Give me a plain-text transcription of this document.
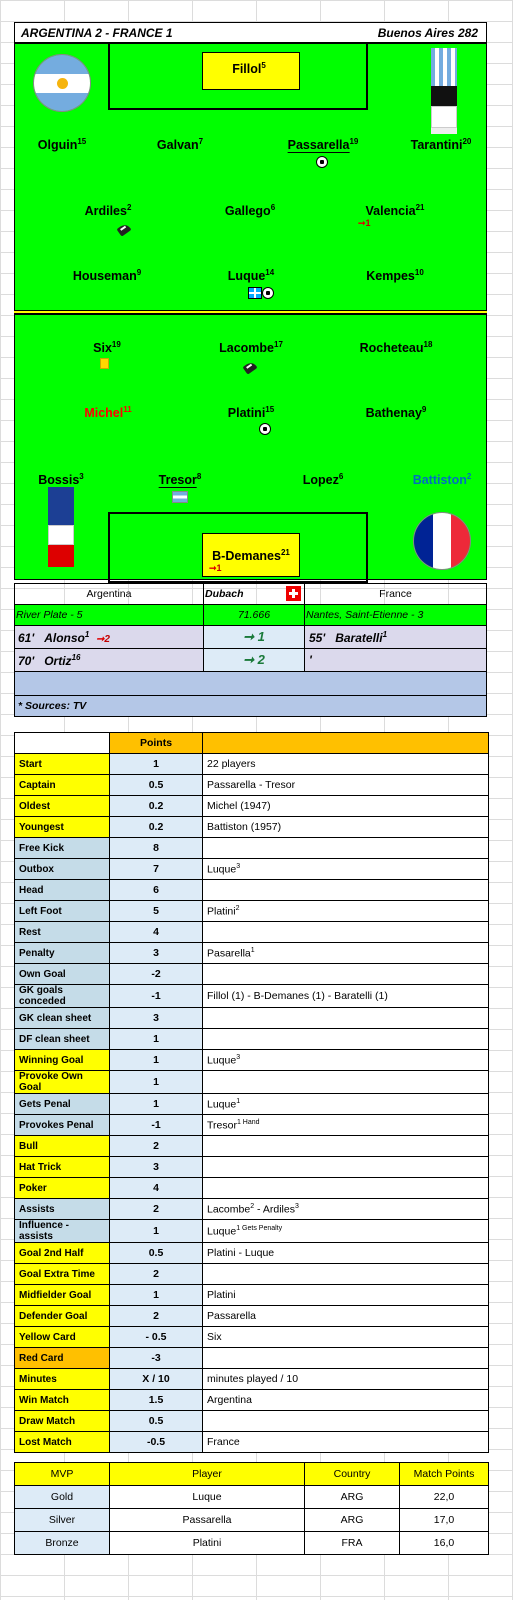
ARGENTINA 2 - FRANCE 1	Buenos Aires 282
Fillol$^5$
Olguin$^{15}$	Galvan$^7$	Passarella$^{19}$
	Tarantini$^{20}$
Ardiles$^2$
	Gallego$^6$	Valencia$^{21}$
➞1
Houseman$^9$	Luque$^{14}$	Kempes$^{10}$
Six$^{19}$	Lacombe$^{17}$
	Rocheteau$^{18}$
Michel$^{11}$	Platini$^{15}$	Bathenay$^9$
Bossis$^3$	Tresor$^8$	Lopez$^6$	Battiston$^2$
B-Demanes$^{21}$
➞1
Argentina	Dubach	France
River Plate - 5	71.666	Nantes, Saint-Etienne - 3
61' Alonso$^1$ ➞2	➞ 1	55' Baratelli$^1$
70' Ortiz$^{16}$	➞ 2	'

* Sources: TV		
	Points	
Start	1	22 players
Captain	0.5	Passarella - Tresor
Oldest	0.2	Michel (1947)
Youngest	0.2	Battiston (1957)
Free Kick	8	
Outbox	7	Luque$^3$
Head	6	
Left Foot	5	Platini$^2$
Rest	4	
Penalty	3	Pasarella$^1$
Own Goal	-2	
GK goals conceded	-1	Fillol (1) - B-Demanes (1) - Baratelli (1)
GK clean sheet	3	
DF clean sheet	1	
Winning Goal	1	Luque$^3$
Provoke Own Goal	1	
Gets Penal	1	Luque$^1$
Provokes Penal	-1	Tresor$^{1 Hand}$
Bull	2	
Hat Trick	3	
Poker	4	
Assists	2	Lacombe$^2$ - Ardiles$^3$
Influence - assists	1	Luque$^{1 Gets Penalty}$
Goal 2nd Half	0.5	Platini - Luque
Goal Extra Time	2	
Midfielder Goal	1	Platini
Defender Goal	2	Passarella
Yellow Card	- 0.5	Six
Red Card	-3	
Minutes	X / 10	minutes played / 10
Win Match	1.5	Argentina
Draw Match	0.5	
Lost Match	-0.5	France
MVP	Player	Country	Match Points
Gold	Luque	ARG	22,0
Silver	Passarella	ARG	17,0
Bronze	Platini	FRA	16,0
